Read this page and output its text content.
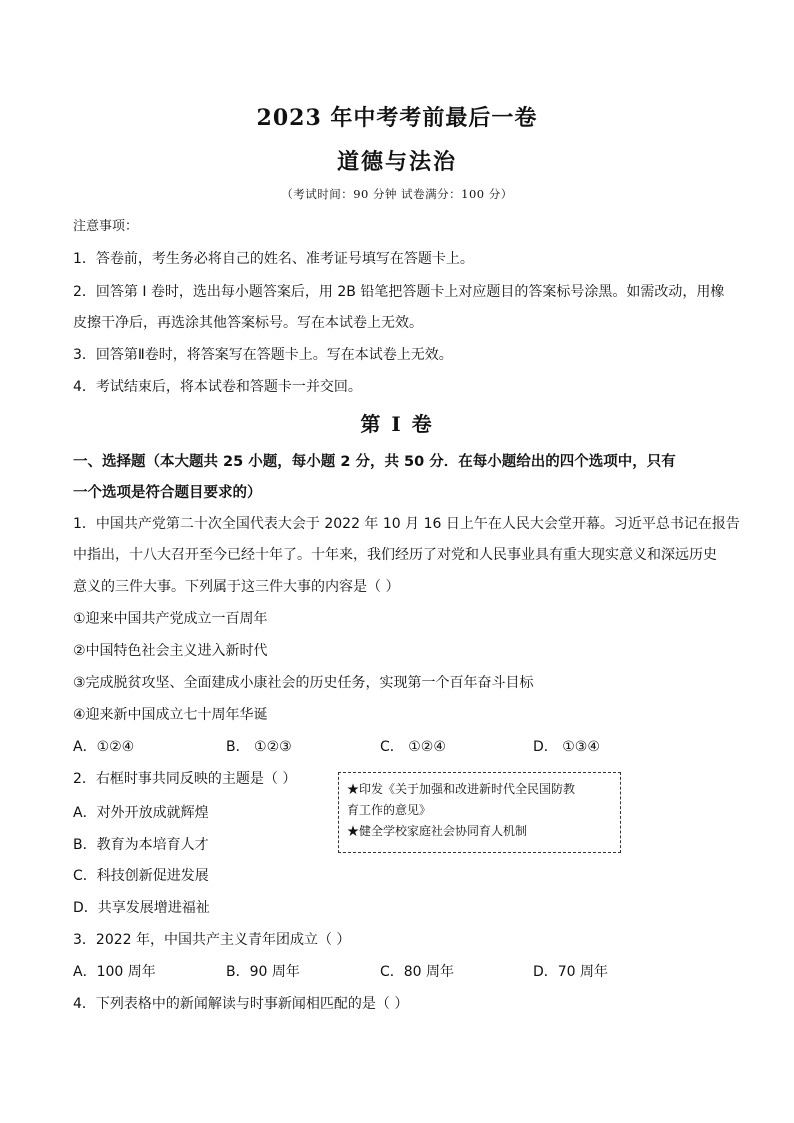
2023 年中考考前最后一卷
道德与法治
（考试时间：90 分钟 试卷满分：100 分）
注意事项：
1．答卷前，考生务必将自己的姓名、准考证号填写在答题卡上。
2．回答第 I 卷时，选出每小题答案后，用 2B 铅笔把答题卡上对应题目的答案标号涂黑。如需改动，用橡
皮擦干净后，再选涂其他答案标号。写在本试卷上无效。
3．回答第Ⅱ卷时，将答案写在答题卡上。写在本试卷上无效。
4．考试结束后，将本试卷和答题卡一并交回。
第 I 卷
一、选择题（本大题共 25 小题，每小题 2 分，共 50 分．在每小题给出的四个选项中，只有
一个选项是符合题目要求的）
1．中国共产党第二十次全国代表大会于 2022 年 10 月 16 日上午在人民大会堂开幕。习近平总书记在报告
中指出，十八大召开至今已经十年了。十年来，我们经历了对党和人民事业具有重大现实意义和深远历史
意义的三件大事。下列属于这三件大事的内容是（ ）
①迎来中国共产党成立一百周年
②中国特色社会主义进入新时代
③完成脱贫攻坚、全面建成小康社会的历史任务，实现第一个百年奋斗目标
④迎来新中国成立七十周年华诞
A．①②④	B． ①②③	C． ①②④	D． ①③④
2．右框时事共同反映的主题是（ ）
★印发《关于加强和改进新时代全民国防教
育工作的意见》
★健全学校家庭社会协同育人机制
A．对外开放成就辉煌
B．教育为本培育人才
C．科技创新促进发展
D．共享发展增进福祉
3．2022 年，中国共产主义青年团成立（ ）
A．100 周年	B．90 周年	C．80 周年	D．70 周年
4．下列表格中的新闻解读与时事新闻相匹配的是（ ）
